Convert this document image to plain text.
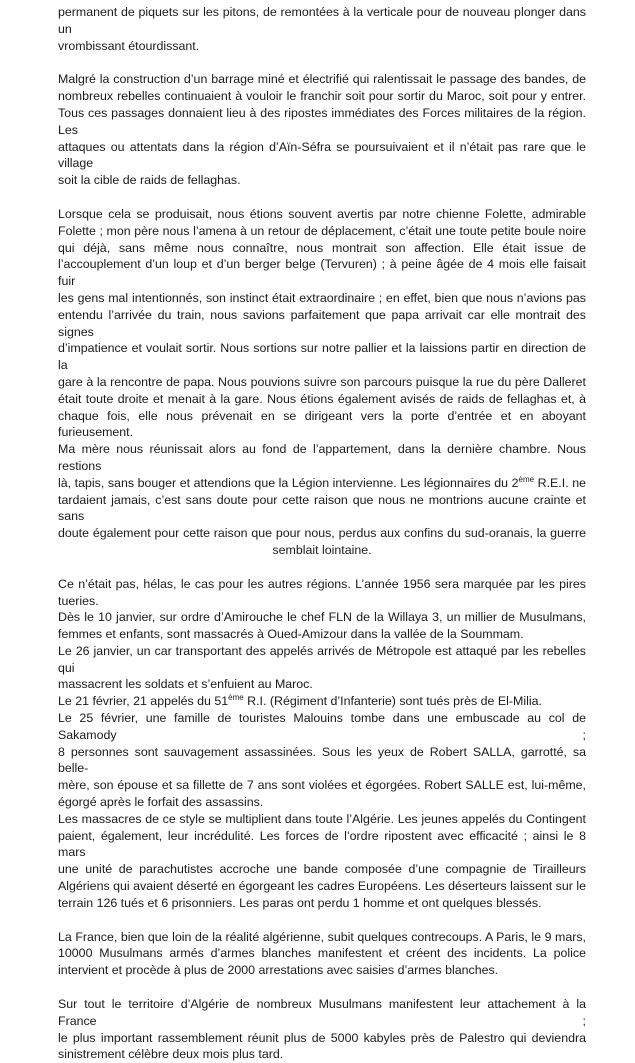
permanent de piquets sur les pitons, de remontées à la verticale pour de nouveau plonger dans un
vrombissant étourdissant.

Malgré la construction d’un barrage miné et électrifié qui ralentissait le passage des bandes, de
nombreux rebelles continuaient à vouloir le franchir soit pour sortir du Maroc, soit pour y entrer.
Tous ces passages donnaient lieu à des ripostes immédiates des Forces militaires de la région. Les
attaques ou attentats dans la région d’Aïn-Séfra se poursuivaient et il n’était pas rare que le village
soit la cible de raids de fellaghas.

Lorsque cela se produisait, nous étions souvent avertis par notre chienne Folette, admirable
Folette ; mon père nous l’amena à un retour de déplacement, c’était une toute petite boule noire
qui déjà, sans même nous connaître, nous montrait son affection. Elle était issue de
l’accouplement d’un loup et d’un berger belge (Tervuren) ; à peine âgée de 4 mois elle faisait fuir
les gens mal intentionnés, son instinct était extraordinaire ; en effet, bien que nous n’avions pas
entendu l’arrivée du train, nous savions parfaitement que papa arrivait car elle montrait des signes
d’impatience et voulait sortir. Nous sortions sur notre pallier et la laissions partir en direction de la
gare à la rencontre de papa. Nous pouvions suivre son parcours puisque la rue du père Dalleret
était toute droite et menait à la gare. Nous étions également avisés de raids de fellaghas et, à
chaque fois, elle nous prévenait en se dirigeant vers la porte d’entrée et en aboyant furieusement.
Ma mère nous réunissait alors au fond de l’appartement, dans la dernière chambre. Nous restions
là, tapis, sans bouger et attendions que la Légion intervienne. Les légionnaires du 2ème R.E.I. ne
tardaient jamais, c’est sans doute pour cette raison que nous ne montrions aucune crainte et sans
doute également pour cette raison que pour nous, perdus aux confins du sud-oranais, la guerre
semblait lointaine.

Ce n’était pas, hélas, le cas pour les autres régions. L’année 1956 sera marquée par les pires
tueries.
Dès le 10 janvier, sur ordre d’Amirouche le chef FLN de la Willaya 3, un millier de Musulmans,
femmes et enfants, sont massacrés à Oued-Amizour dans la vallée de la Soummam.
Le 26 janvier, un car transportant des appelés arrivés de Métropole est attaqué par les rebelles qui
massacrent les soldats et s’enfuient au Maroc.
Le 21 février, 21 appelés du 51ème R.I. (Régiment d’Infanterie) sont tués près de El-Milia.
Le 25 février, une famille de touristes Malouins tombe dans une embuscade au col de Sakamody ;
8 personnes sont sauvagement assassinées. Sous les yeux de Robert SALLA, garrotté, sa belle-
mère, son épouse et sa fillette de 7 ans sont violées et égorgées. Robert SALLE est, lui-même,
égorgé après le forfait des assassins.
Les massacres de ce style se multiplient dans toute l’Algérie. Les jeunes appelés du Contingent
paient, également, leur incrédulité. Les forces de l’ordre ripostent avec efficacité ; ainsi le 8 mars
une unité de parachutistes accroche une bande composée d’une compagnie de Tirailleurs
Algériens qui avaient déserté en égorgeant les cadres Européens. Les déserteurs laissent sur le
terrain 126 tués et 6 prisonniers. Les paras ont perdu 1 homme et ont quelques blessés.

La France, bien que loin de la réalité algérienne, subit quelques contrecoups. A Paris, le 9 mars,
10000 Musulmans armés d’armes blanches manifestent et créent des incidents. La police
intervient et procède à plus de 2000 arrestations avec saisies d’armes blanches.

Sur tout le territoire d’Algérie de nombreux Musulmans manifestent leur attachement à la France ;
le plus important rassemblement réunit plus de 5000 kabyles près de Palestro qui deviendra
sinistrement célèbre deux mois plus tard.
